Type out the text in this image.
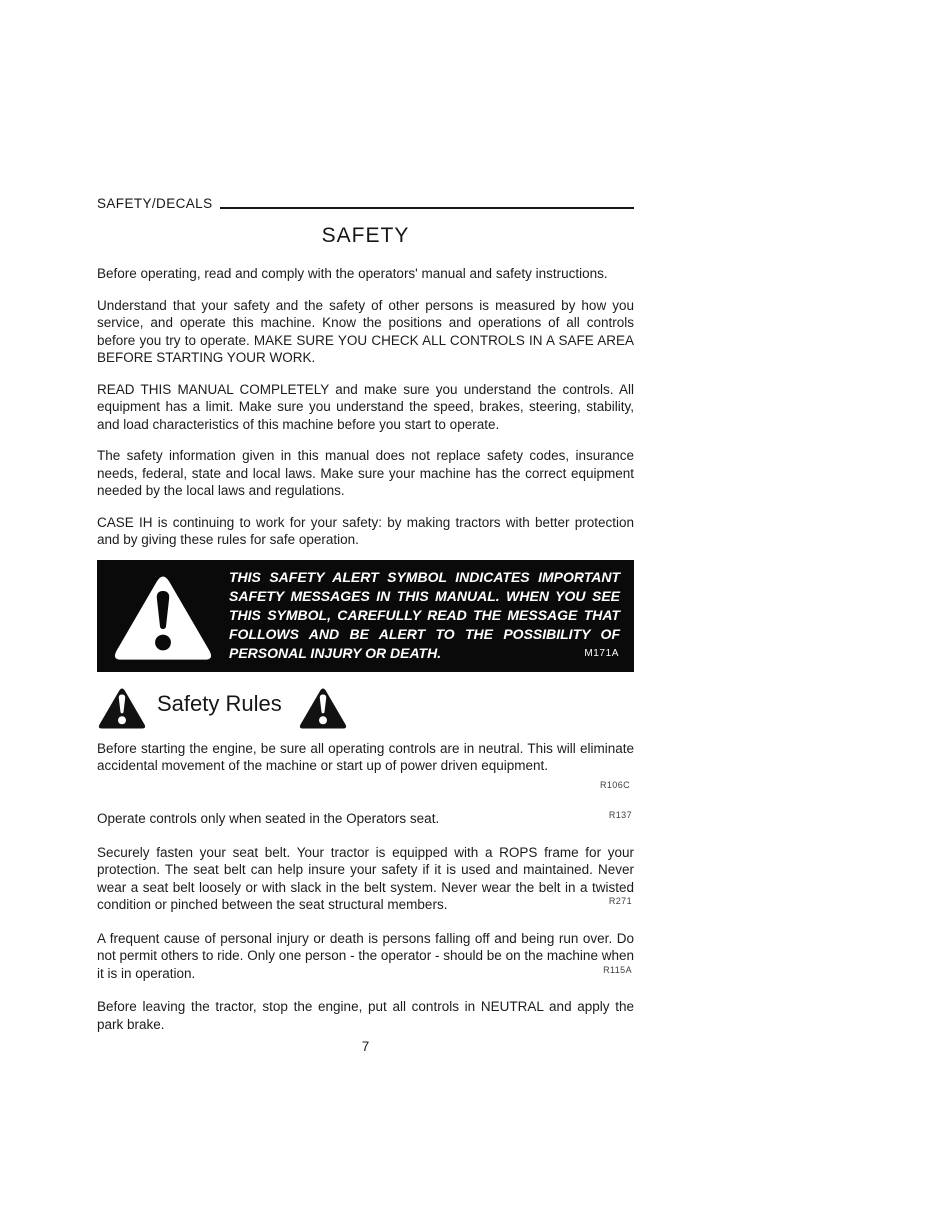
SAFETY/DECALS
SAFETY

Before operating, read and comply with the operators' manual and safety instructions.

Understand that your safety and the safety of other persons is measured by how you service, and operate this machine. Know the positions and operations of all controls before you try to operate. MAKE SURE YOU CHECK ALL CONTROLS IN A SAFE AREA BEFORE STARTING YOUR WORK.

READ THIS MANUAL COMPLETELY and make sure you understand the controls. All equipment has a limit. Make sure you understand the speed, brakes, steering, stability, and load characteristics of this machine before you start to operate.

The safety information given in this manual does not replace safety codes, insurance needs, federal, state and local laws. Make sure your machine has the correct equipment needed by the local laws and regulations.

CASE IH is continuing to work for your safety: by making tractors with better protection and by giving these rules for safe operation.

THIS SAFETY ALERT SYMBOL INDICATES IMPORTANT SAFETY MESSAGES IN THIS MANUAL. WHEN YOU SEE THIS SYMBOL, CAREFULLY READ THE MESSAGE THAT FOLLOWS AND BE ALERT TO THE POSSIBILITY OF PERSONAL INJURY OR DEATH.	M171A
Safety Rules

Before starting the engine, be sure all operating controls are in neutral. This will eliminate accidental movement of the machine or start up of power driven equipment.
R106C

Operate controls only when seated in the Operators seat.	R137

Securely fasten your seat belt. Your tractor is equipped with a ROPS frame for your protection. The seat belt can help insure your safety if it is used and maintained. Never wear a seat belt loosely or with slack in the belt system. Never wear the belt in a twisted condition or pinched between the seat structural members.	R271

A frequent cause of personal injury or death is persons falling off and being run over. Do not permit others to ride. Only one person - the operator - should be on the machine when it is in operation.	R115A

Before leaving the tractor, stop the engine, put all controls in NEUTRAL and apply the park brake.

7
